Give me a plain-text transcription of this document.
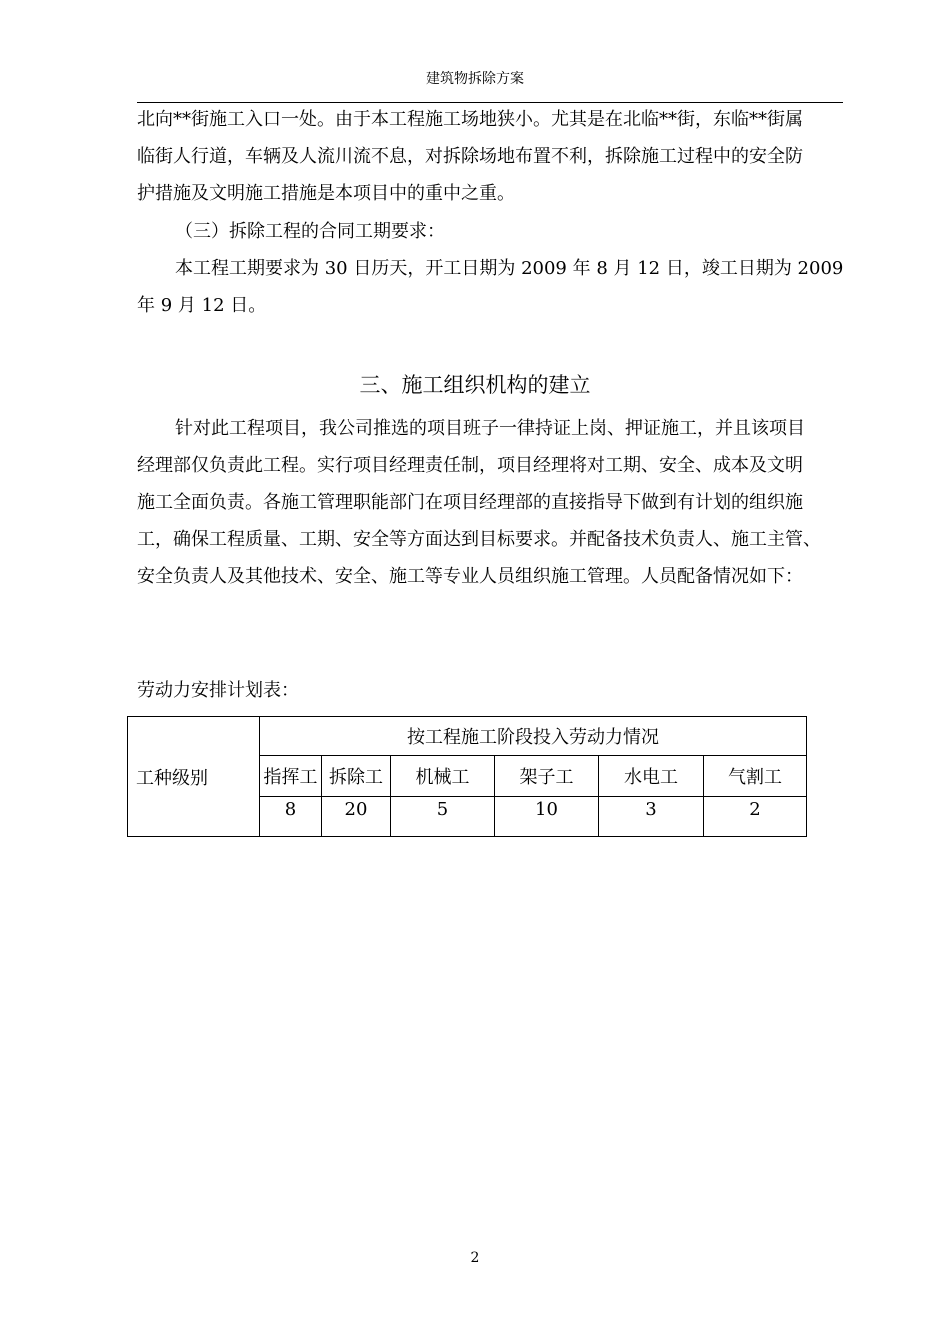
建筑物拆除方案
北向**街施工入口一处。由于本工程施工场地狭小。尤其是在北临**街，东临**街属
临街人行道，车辆及人流川流不息，对拆除场地布置不利，拆除施工过程中的安全防
护措施及文明施工措施是本项目中的重中之重。
（三）拆除工程的合同工期要求：
本工程工期要求为 30 日历天，开工日期为 2009 年 8 月 12 日，竣工日期为 2009
年 9 月 12 日。
三、施工组织机构的建立
针对此工程项目，我公司推选的项目班子一律持证上岗、押证施工，并且该项目
经理部仅负责此工程。实行项目经理责任制，项目经理将对工期、安全、成本及文明
施工全面负责。各施工管理职能部门在项目经理部的直接指导下做到有计划的组织施
工，确保工程质量、工期、安全等方面达到目标要求。并配备技术负责人、施工主管、
安全负责人及其他技术、安全、施工等专业人员组织施工管理。人员配备情况如下：
劳动力安排计划表：
工种级别	按工程施工阶段投入劳动力情况					
	指挥工	拆除工	机械工	架子工	水电工	气割工
	8	20	5	10	3	2
2
